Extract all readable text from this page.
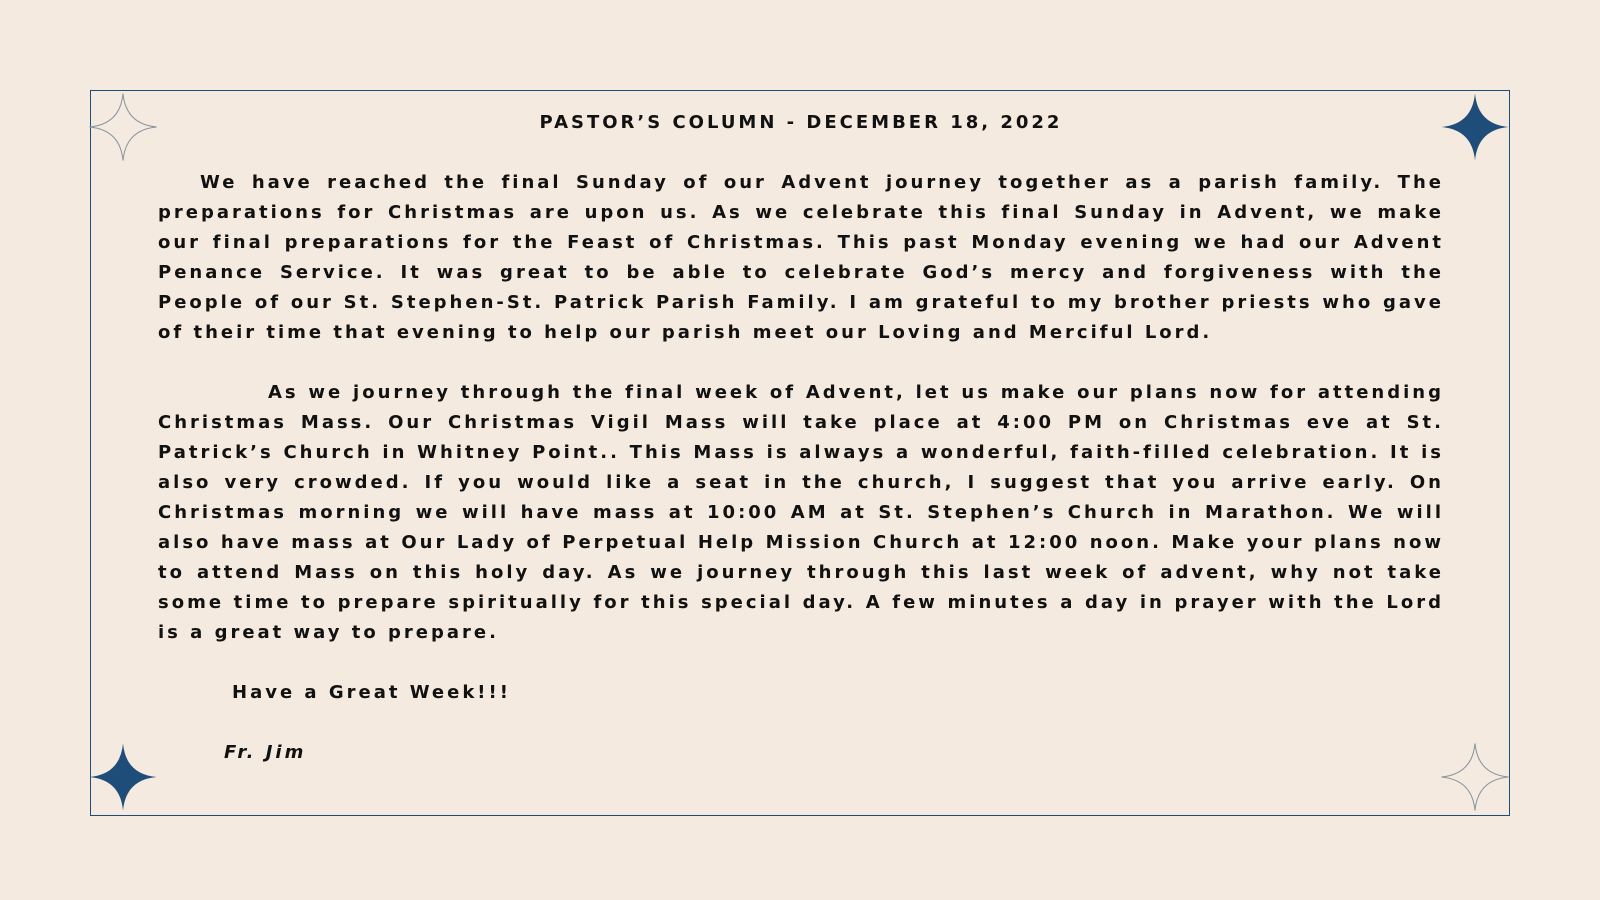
PASTOR’S COLUMN - DECEMBER 18, 2022

We have reached the final Sunday of our Advent journey together as a parish family. The preparations for Christmas are upon us. As we celebrate this final Sunday in Advent, we make our final preparations for the Feast of Christmas. This past Monday evening we had our Advent Penance Service. It was great to be able to celebrate God’s mercy and forgiveness with the People of our St. Stephen-St. Patrick Parish Family. I am grateful to my brother priests who gave of their time that evening to help our parish meet our Loving and Merciful Lord.

As we journey through the final week of Advent, let us make our plans now for attending Christmas Mass. Our Christmas Vigil Mass will take place at 4:00 PM on Christmas eve at St. Patrick’s Church in Whitney Point.. This Mass is always a wonderful, faith-filled celebration. It is also very crowded. If you would like a seat in the church, I suggest that you arrive early. On Christmas morning we will have mass at 10:00 AM at St. Stephen’s Church in Marathon. We will also have mass at Our Lady of Perpetual Help Mission Church at 12:00 noon. Make your plans now to attend Mass on this holy day. As we journey through this last week of advent, why not take some time to prepare spiritually for this special day. A few minutes a day in prayer with the Lord is a great way to prepare.

Have a Great Week!!!

Fr. Jim
